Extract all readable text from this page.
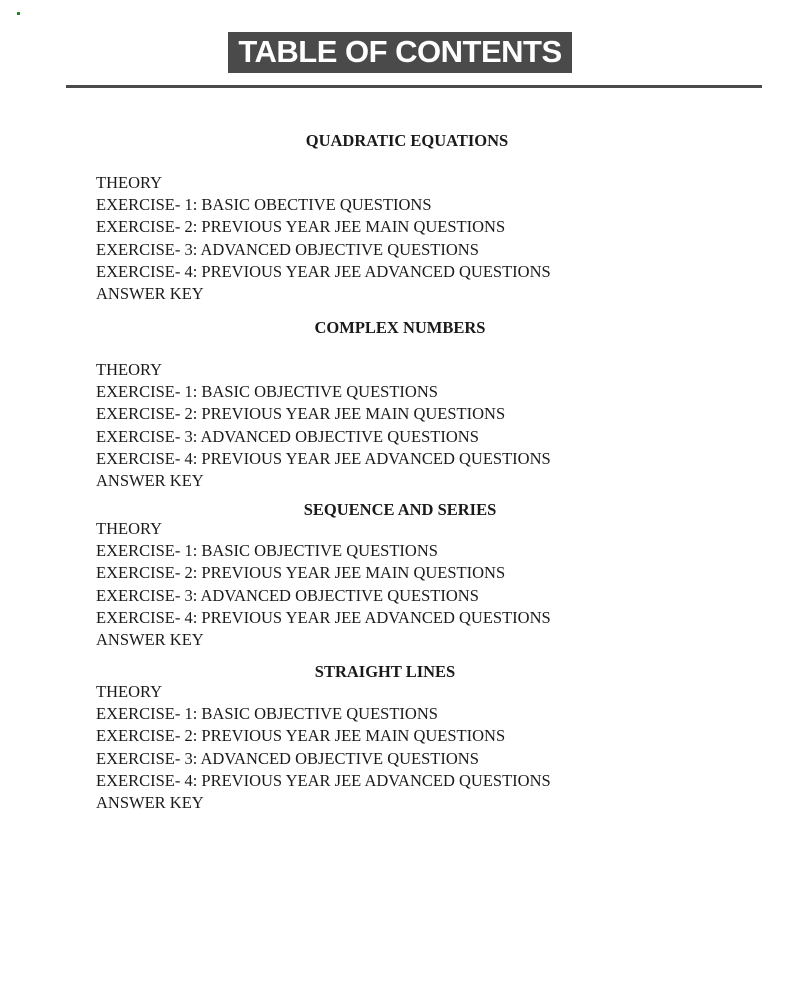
TABLE OF CONTENTS
QUADRATIC EQUATIONS
THEORY
EXERCISE- 1: BASIC OBECTIVE QUESTIONS
EXERCISE- 2: PREVIOUS YEAR JEE MAIN QUESTIONS
EXERCISE- 3: ADVANCED OBJECTIVE QUESTIONS
EXERCISE- 4: PREVIOUS YEAR JEE ADVANCED QUESTIONS
ANSWER KEY
COMPLEX NUMBERS
THEORY
EXERCISE- 1: BASIC OBJECTIVE QUESTIONS
EXERCISE- 2: PREVIOUS YEAR JEE MAIN QUESTIONS
EXERCISE- 3: ADVANCED OBJECTIVE QUESTIONS
EXERCISE- 4: PREVIOUS YEAR JEE ADVANCED QUESTIONS
ANSWER KEY
SEQUENCE AND SERIES
THEORY
EXERCISE- 1: BASIC OBJECTIVE QUESTIONS
EXERCISE- 2: PREVIOUS YEAR JEE MAIN QUESTIONS
EXERCISE- 3: ADVANCED OBJECTIVE QUESTIONS
EXERCISE- 4: PREVIOUS YEAR JEE ADVANCED QUESTIONS
ANSWER KEY
STRAIGHT LINES
THEORY
EXERCISE- 1: BASIC OBJECTIVE QUESTIONS
EXERCISE- 2: PREVIOUS YEAR JEE MAIN QUESTIONS
EXERCISE- 3: ADVANCED OBJECTIVE QUESTIONS
EXERCISE- 4: PREVIOUS YEAR JEE ADVANCED QUESTIONS
ANSWER KEY
